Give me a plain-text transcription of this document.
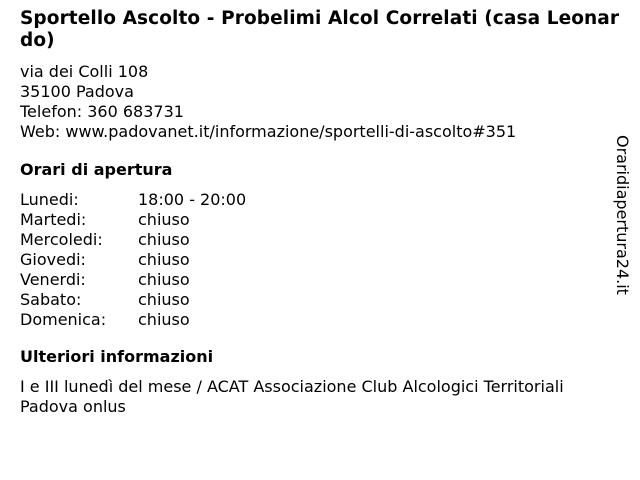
Sportello Ascolto - Probelimi Alcol Correlati (casa Leonardo)
via dei Colli 108
35100 Padova
Telefon: 360 683731
Web: www.padovanet.it/informazione/sportelli-di-ascolto#351
Orari di apertura
Lunedi:	18:00 - 20:00
Martedi:	chiuso
Mercoledi:	chiuso
Giovedi:	chiuso
Venerdi:	chiuso
Sabato:	chiuso
Domenica:	chiuso
Ulteriori informazioni
I e III lunedì del mese / ACAT Associazione Club Alcologici Territoriali Padova onlus
Oraridiapertura24.it
